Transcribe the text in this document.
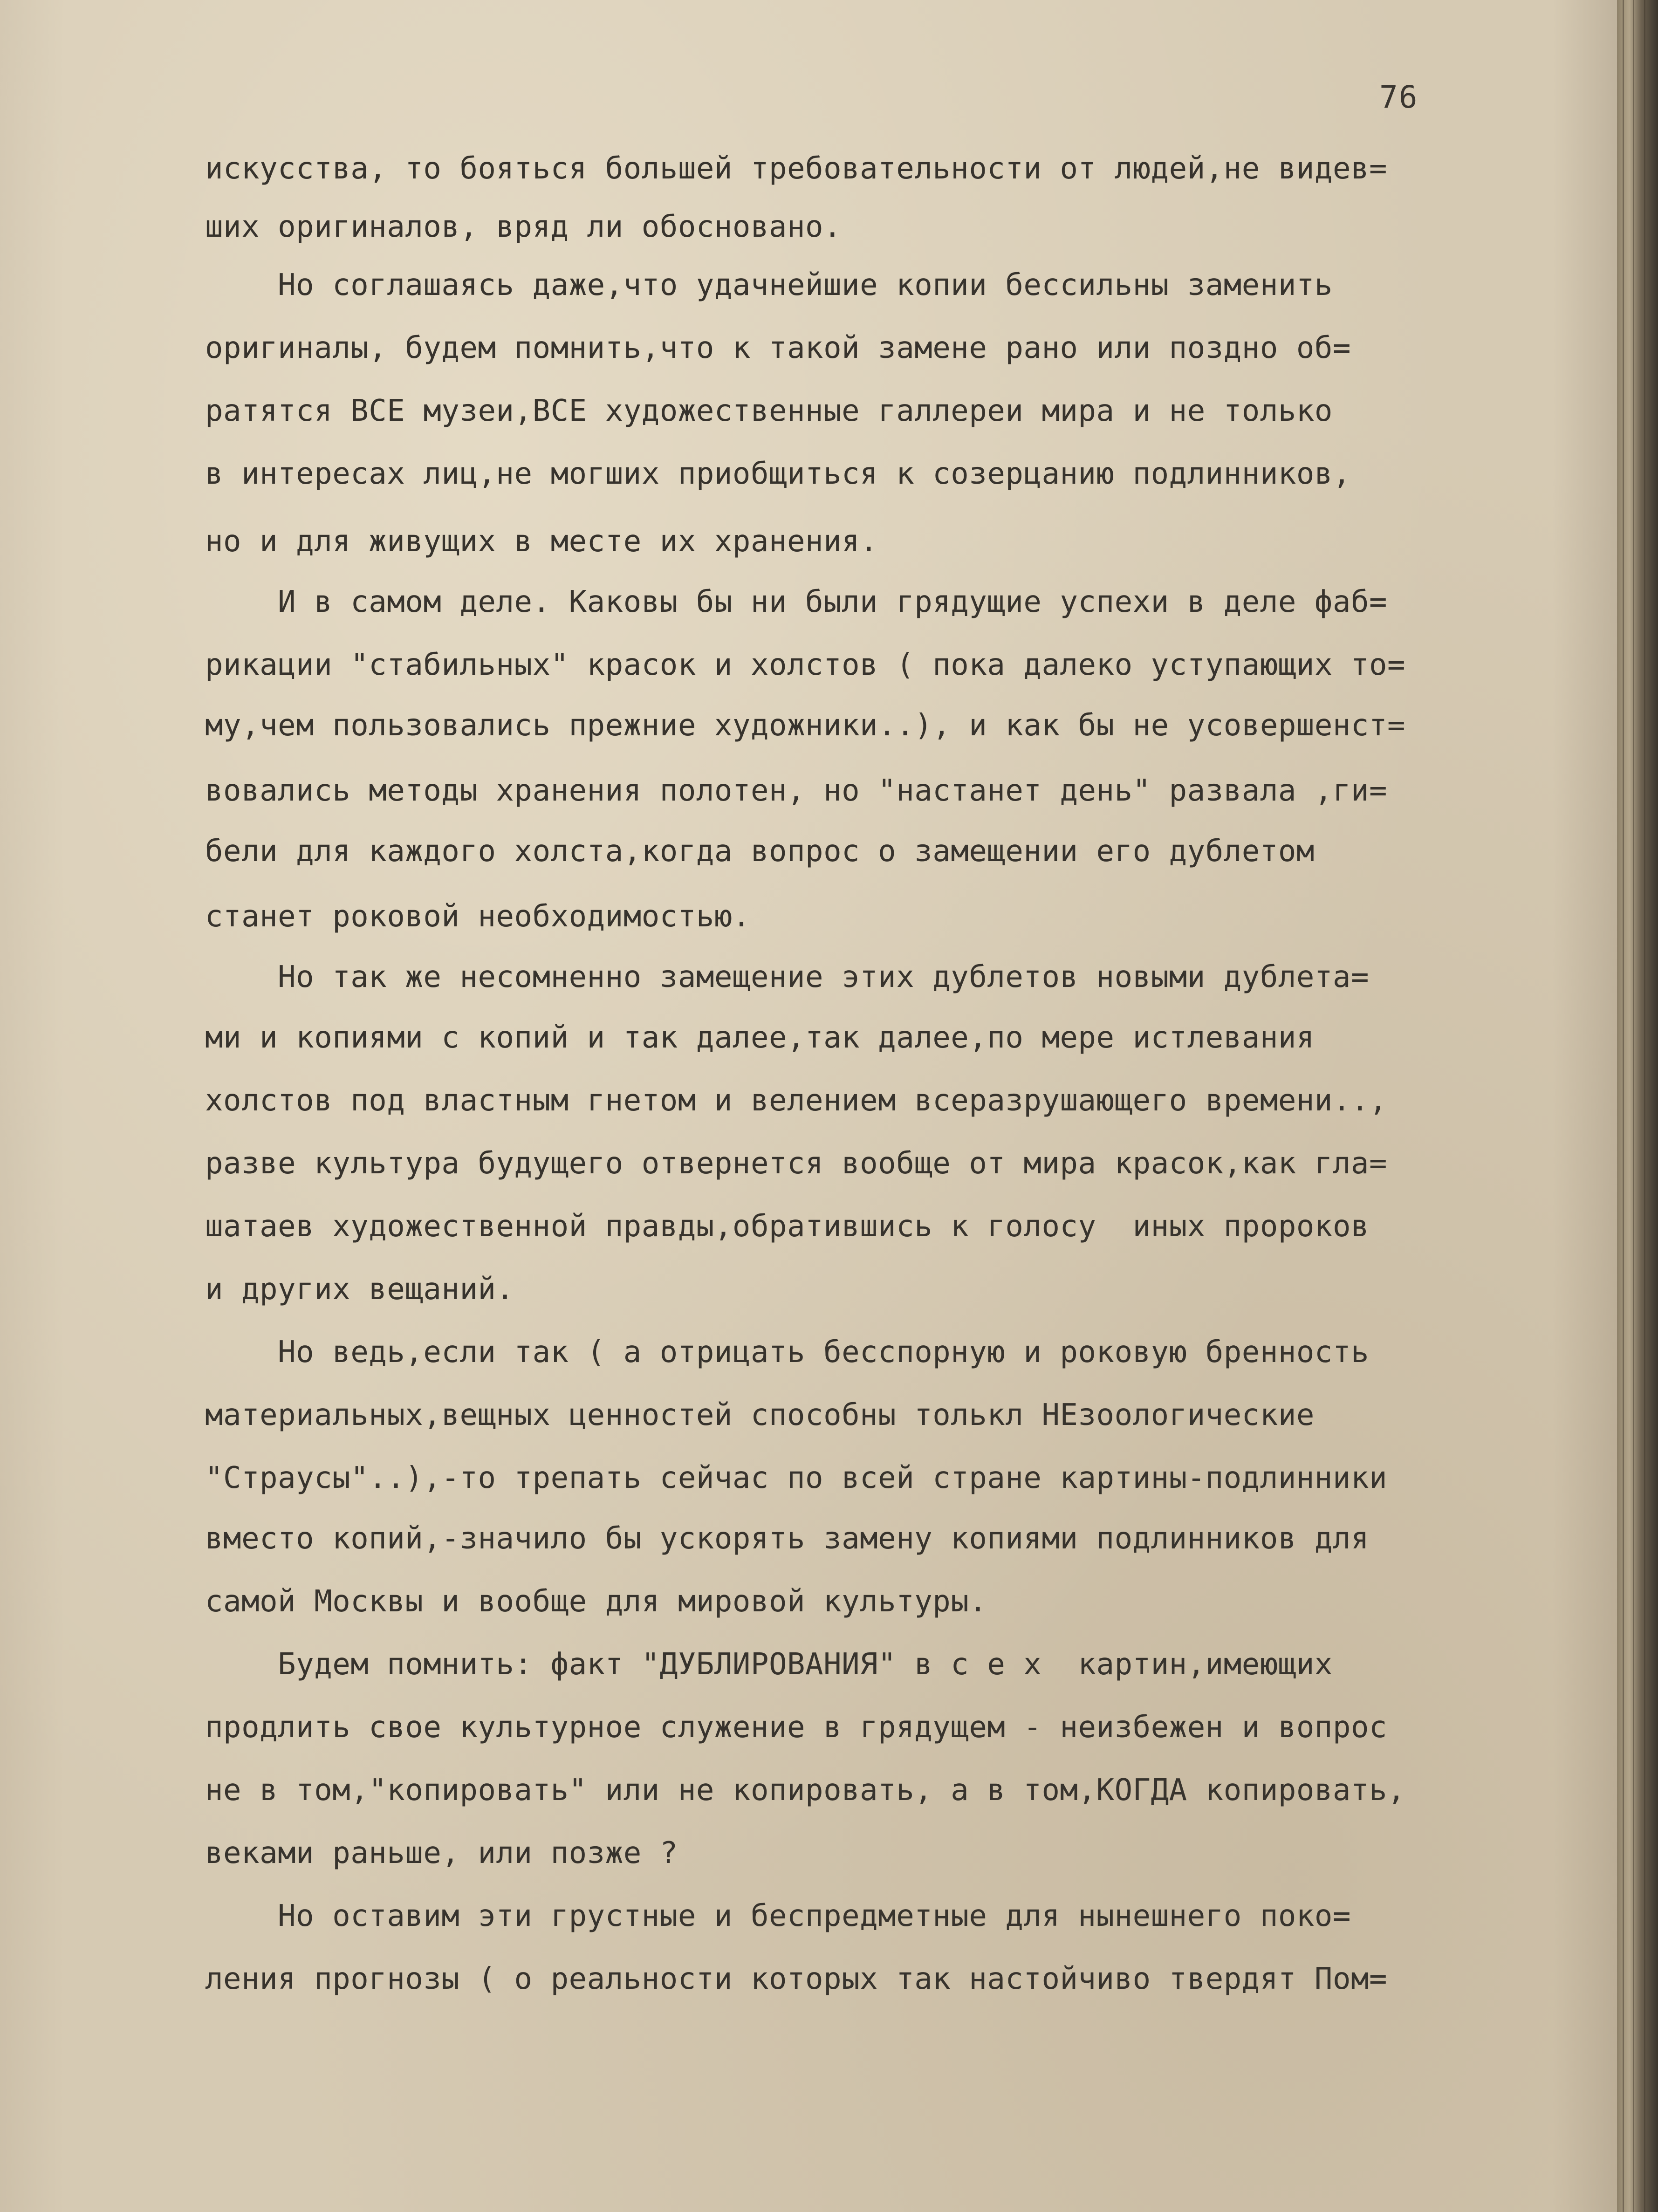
76
искусства, то бояться большей требовательности от людей,не видев=
ших оригиналов, вряд ли обосновано.
Но соглашаясь даже,что удачнейшие копии бессильны заменить
оригиналы, будем помнить,что к такой замене рано или поздно об=
ратятся ВСЕ музеи,ВСЕ художественные галлереи мира и не только
в интересах лиц,не могших приобщиться к созерцанию подлинников,
но и для живущих в месте их хранения.
И в самом деле. Каковы бы ни были грядущие успехи в деле фаб=
рикации "стабильных" красок и холстов ( пока далеко уступающих то=
му,чем пользовались прежние художники..), и как бы не усовершенст=
вовались методы хранения полотен, но "настанет день" развала ,ги=
бели для каждого холста,когда вопрос о замещении его дублетом
станет роковой необходимостью.
Но так же несомненно замещение этих дублетов новыми дублета=
ми и копиями с копий и так далее,так далее,по мере истлевания
холстов под властным гнетом и велением всеразрушающего времени..,
разве культура будущего отвернется вообще от мира красок,как гла=
шатаев художественной правды,обратившись к голосу  иных пророков
и других вещаний.
Но ведь,если так ( а отрицать бесспорную и роковую бренность
материальных,вещных ценностей способны толькл НЕзоологические
"Страусы"..),-то трепать сейчас по всей стране картины-подлинники
вместо копий,-значило бы ускорять замену копиями подлинников для
самой Москвы и вообще для мировой культуры.
Будем помнить: факт "ДУБЛИРОВАНИЯ" в с е х  картин,имеющих
продлить свое культурное служение в грядущем - неизбежен и вопрос
не в том,"копировать" или не копировать, а в том,КОГДА копировать,
веками раньше, или позже ?
Но оставим эти грустные и беспредметные для нынешнего поко=
ления прогнозы ( о реальности которых так настойчиво твердят Пом=
